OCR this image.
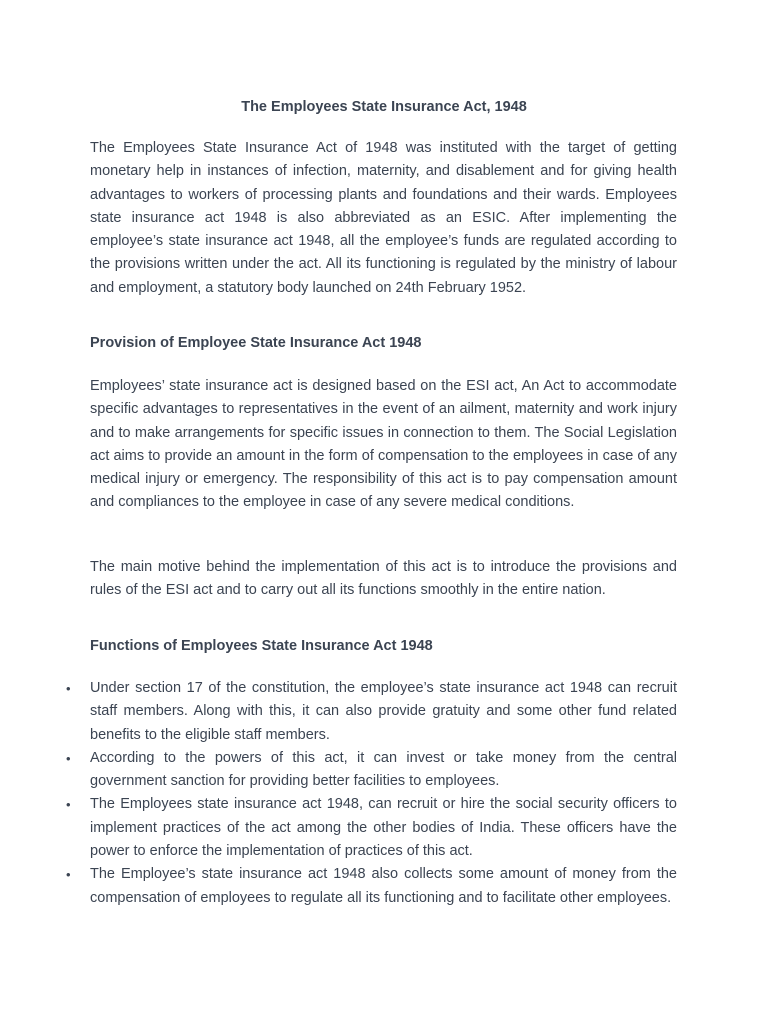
The Employees State Insurance Act, 1948

The Employees State Insurance Act of 1948 was instituted with the target of getting monetary help in instances of infection, maternity, and disablement and for giving health advantages to workers of processing plants and foundations and their wards. Employees state insurance act 1948 is also abbreviated as an ESIC. After implementing the employee’s state insurance act 1948, all the employee’s funds are regulated according to the provisions written under the act. All its functioning is regulated by the ministry of labour and employment, a statutory body launched on 24th February 1952.

Provision of Employee State Insurance Act 1948

Employees’ state insurance act is designed based on the ESI act, An Act to accommodate specific advantages to representatives in the event of an ailment, maternity and work injury and to make arrangements for specific issues in connection to them. The Social Legislation act aims to provide an amount in the form of compensation to the employees in case of any medical injury or emergency. The responsibility of this act is to pay compensation amount and compliances to the employee in case of any severe medical conditions.

The main motive behind the implementation of this act is to introduce the provisions and rules of the ESI act and to carry out all its functions smoothly in the entire nation.

Functions of Employees State Insurance Act 1948
• Under section 17 of the constitution, the employee’s state insurance act 1948 can recruit staff members. Along with this, it can also provide gratuity and some other fund related benefits to the eligible staff members.
• According to the powers of this act, it can invest or take money from the central government sanction for providing better facilities to employees.
• The Employees state insurance act 1948, can recruit or hire the social security officers to implement practices of the act among the other bodies of India. These officers have the power to enforce the implementation of practices of this act.
• The Employee’s state insurance act 1948 also collects some amount of money from the compensation of employees to regulate all its functioning and to facilitate other employees.
